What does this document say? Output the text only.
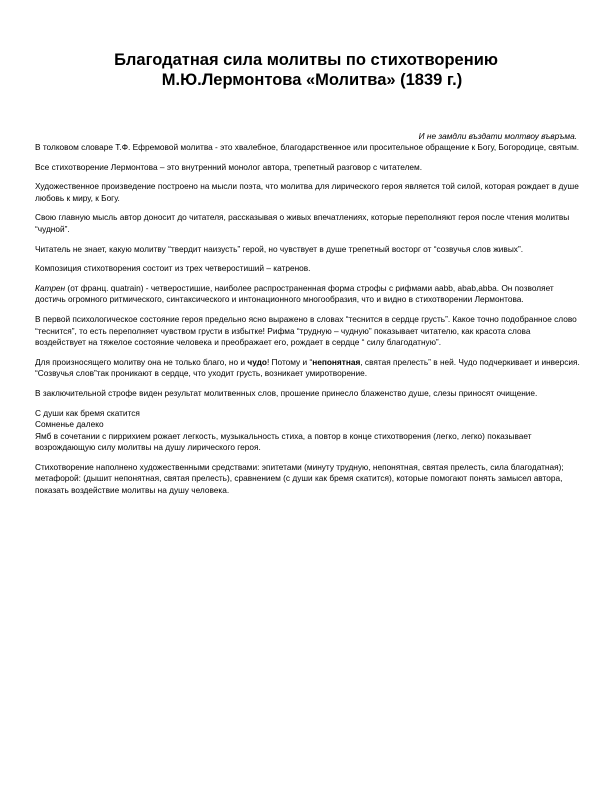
Благодатная сила молитвы по стихотворению
М.Ю.Лермонтова «Молитва» (1839 г.)
И не замдли въздати молтвоу въвръма.

В толковом словаре Т.Ф. Ефремовой молитва - это хвалебное, благодарственное или просительное обращение к Богу, Богородице, святым.

Все стихотворение Лермонтова – это внутренний монолог автора, трепетный разговор с читателем.

Художественное произведение построено на мысли поэта, что молитва для лирического героя является той силой, которая рождает в душе любовь к миру, к Богу.

Свою главную мысль автор доносит до читателя, рассказывая о живых впечатлениях, которые переполняют героя после чтения молитвы “чудной”.

Читатель не знает, какую молитву “твердит наизусть” герой, но чувствует в душе трепетный восторг от “созвучья слов живых”.

Композиция стихотворения состоит из трех четверостиший – катренов.

Катрен (от франц. quatrain) - четверостишие, наиболее распространенная форма строфы с рифмами aabb, abab,abba. Он позволяет достичь огромного ритмического, синтаксического и интонационного многообразия, что и видно в стихотворении Лермонтова.

В первой психологическое состояние героя предельно ясно выражено в словах “теснится в сердце грусть”. Какое точно подобранное слово “теснится”, то есть переполняет чувством грусти в избытке! Рифма “трудную – чудную” показывает читателю, как красота слова воздействует на тяжелое состояние человека и преображает его, рождает в сердце “ силу благодатную”.

Для произносящего молитву она не только благо, но и чудо! Потому и “непонятная, святая прелесть” в ней. Чудо подчеркивает и инверсия. “Созвучья слов”так проникают в сердце, что уходит грусть, возникает умиротворение.

В заключительной строфе виден результат молитвенных слов, прошение принесло блаженство душе, слезы приносят очищение.

С души как бремя скатится

Сомненье далеко

Ямб в сочетании с пиррихием рожает легкость, музыкальность стиха, а повтор в конце стихотворения (легко, легко) показывает возрождающую силу молитвы на душу лирического героя.

Стихотворение наполнено художественными средствами: эпитетами (минуту трудную, непонятная, святая прелесть, сила благодатная); метафорой: (дышит непонятная, святая прелесть), сравнением (с души как бремя скатится), которые помогают понять замысел автора, показать воздействие молитвы на душу человека.
